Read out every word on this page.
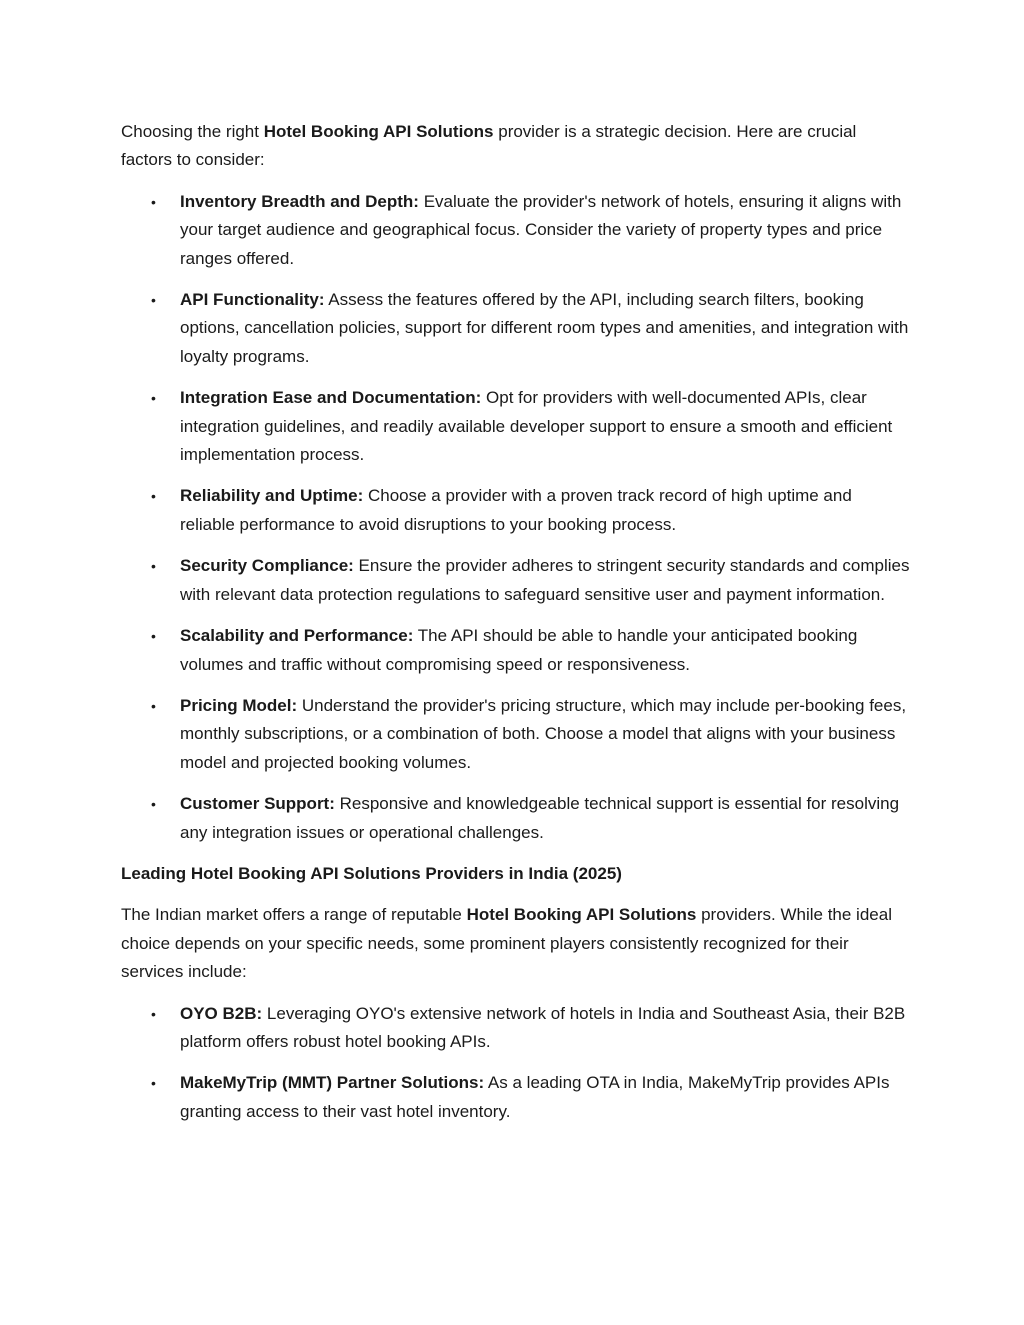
Choosing the right Hotel Booking API Solutions provider is a strategic decision. Here are crucial factors to consider:

• Inventory Breadth and Depth: Evaluate the provider's network of hotels, ensuring it aligns with your target audience and geographical focus. Consider the variety of property types and price ranges offered.
• API Functionality: Assess the features offered by the API, including search filters, booking options, cancellation policies, support for different room types and amenities, and integration with loyalty programs.
• Integration Ease and Documentation: Opt for providers with well-documented APIs, clear integration guidelines, and readily available developer support to ensure a smooth and efficient implementation process.
• Reliability and Uptime: Choose a provider with a proven track record of high uptime and reliable performance to avoid disruptions to your booking process.
• Security Compliance: Ensure the provider adheres to stringent security standards and complies with relevant data protection regulations to safeguard sensitive user and payment information.
• Scalability and Performance: The API should be able to handle your anticipated booking volumes and traffic without compromising speed or responsiveness.
• Pricing Model: Understand the provider's pricing structure, which may include per-booking fees, monthly subscriptions, or a combination of both. Choose a model that aligns with your business model and projected booking volumes.
• Customer Support: Responsive and knowledgeable technical support is essential for resolving any integration issues or operational challenges.

Leading Hotel Booking API Solutions Providers in India (2025)

The Indian market offers a range of reputable Hotel Booking API Solutions providers. While the ideal choice depends on your specific needs, some prominent players consistently recognized for their services include:

• OYO B2B: Leveraging OYO's extensive network of hotels in India and Southeast Asia, their B2B platform offers robust hotel booking APIs.
• MakeMyTrip (MMT) Partner Solutions: As a leading OTA in India, MakeMyTrip provides APIs granting access to their vast hotel inventory.
